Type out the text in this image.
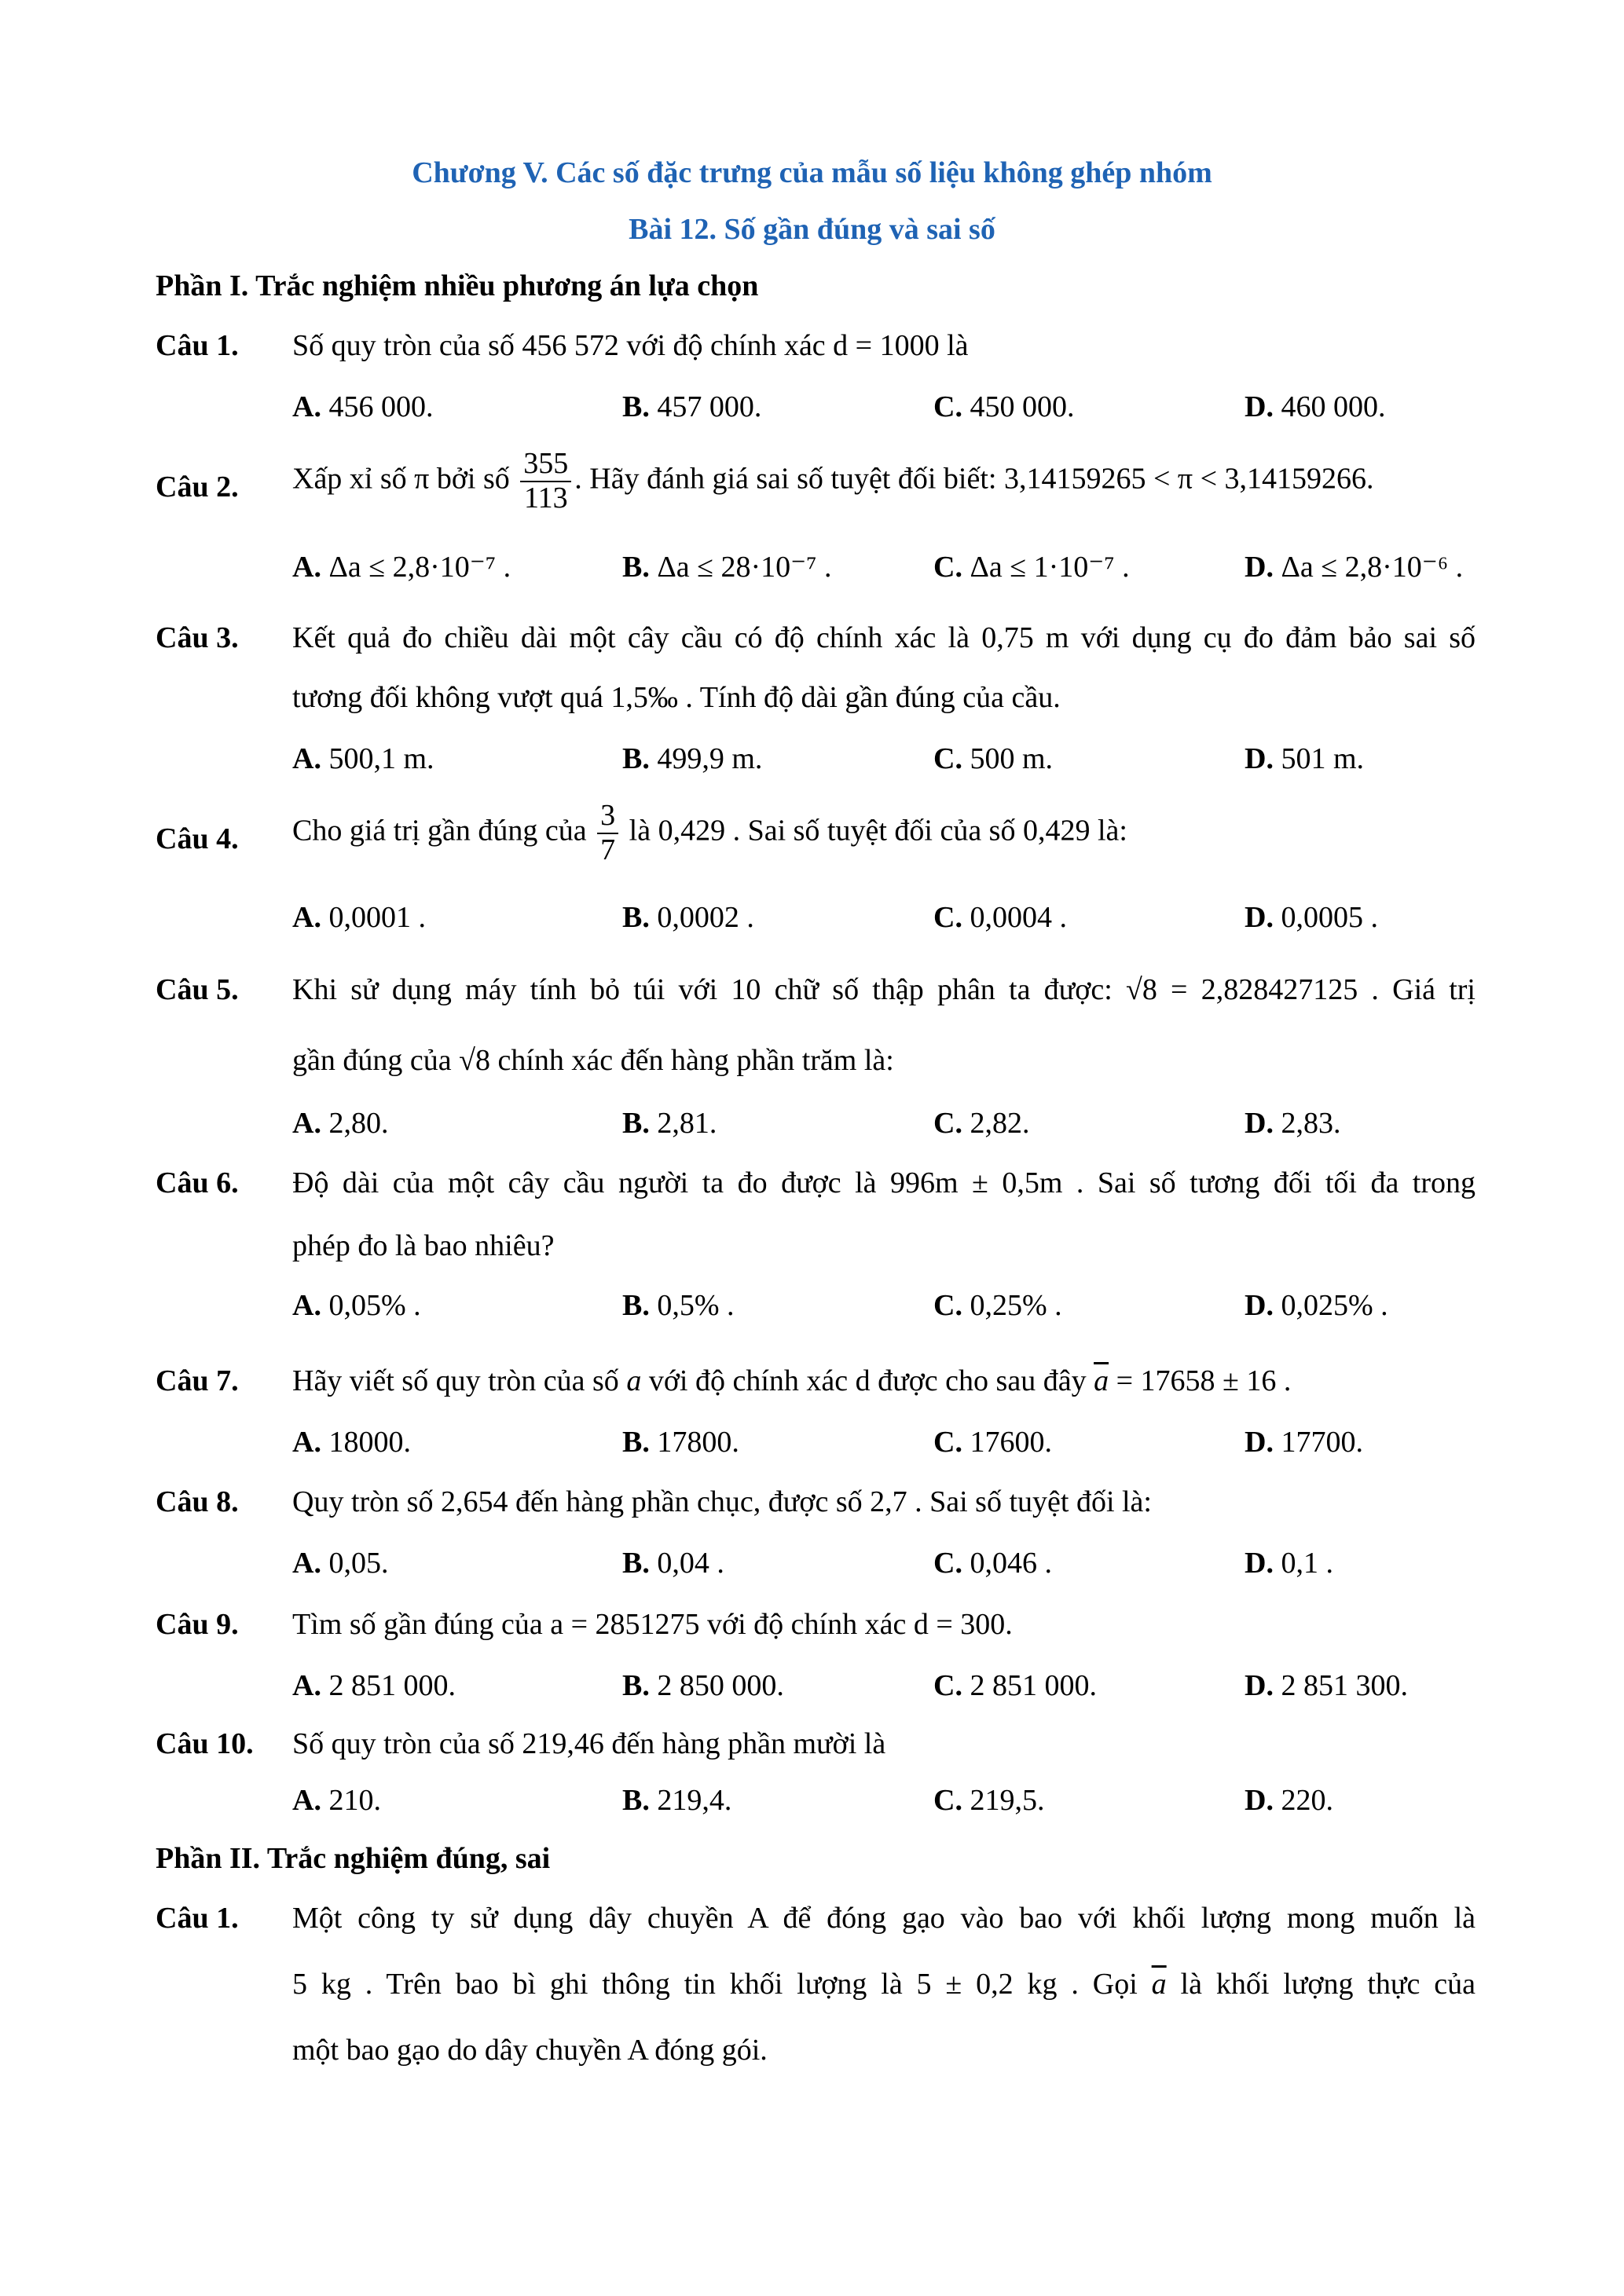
Chương V. Các số đặc trưng của mẫu số liệu không ghép nhóm
Bài 12. Số gần đúng và sai số
Phần I. Trắc nghiệm nhiều phương án lựa chọn
Câu 1. Số quy tròn của số 456 572 với độ chính xác d = 1000 là
A. 456 000.	B. 457 000.	C. 450 000.	D. 460 000.
Câu 2. Xấp xỉ số π bởi số $\frac{355}{113}$ . Hãy đánh giá sai số tuyệt đối biết: 3,14159265 < π < 3,14159266.
A. Δa ≤ 2,8·10⁻⁷ .	B. Δa ≤ 28·10⁻⁷ .	C. Δa ≤ 1·10⁻⁷ .	D. Δa ≤ 2,8·10⁻⁶ .
Câu 3. Kết quả đo chiều dài một cây cầu có độ chính xác là 0,75 m với dụng cụ đo đảm bảo sai số
tương đối không vượt quá 1,5‰ . Tính độ dài gần đúng của cầu.
A. 500,1 m.	B. 499,9 m.	C. 500 m.	D. 501 m.
Câu 4. Cho giá trị gần đúng của $\frac{3}{7}$ là 0,429 . Sai số tuyệt đối của số 0,429 là:
A. 0,0001 .	B. 0,0002 .	C. 0,0004 .	D. 0,0005 .
Câu 5. Khi sử dụng máy tính bỏ túi với 10 chữ số thập phân ta được: √8 = 2,828427125 . Giá trị
gần đúng của √8 chính xác đến hàng phần trăm là:
A. 2,80.	B. 2,81.	C. 2,82.	D. 2,83.
Câu 6. Độ dài của một cây cầu người ta đo được là 996m ± 0,5m . Sai số tương đối tối đa trong
phép đo là bao nhiêu?
A. 0,05% .	B. 0,5% .	C. 0,25% .	D. 0,025% .
Câu 7. Hãy viết số quy tròn của số a với độ chính xác d được cho sau đây $\overline{a} = 17658 \pm 16$ .
A. 18000.	B. 17800.	C. 17600.	D. 17700.
Câu 8. Quy tròn số 2,654 đến hàng phần chục, được số 2,7 . Sai số tuyệt đối là:
A. 0,05.	B. 0,04 .	C. 0,046 .	D. 0,1 .
Câu 9. Tìm số gần đúng của a = 2851275 với độ chính xác d = 300.
A. 2 851 000.	B. 2 850 000.	C. 2 851 000.	D. 2 851 300.
Câu 10. Số quy tròn của số 219,46 đến hàng phần mười là
A. 210.	B. 219,4.	C. 219,5.	D. 220.
Phần II. Trắc nghiệm đúng, sai
Câu 1. Một công ty sử dụng dây chuyền A để đóng gạo vào bao với khối lượng mong muốn là
5 kg . Trên bao bì ghi thông tin khối lượng là 5 ± 0,2 kg . Gọi $\overline{a}$ là khối lượng thực của
một bao gạo do dây chuyền A đóng gói.
